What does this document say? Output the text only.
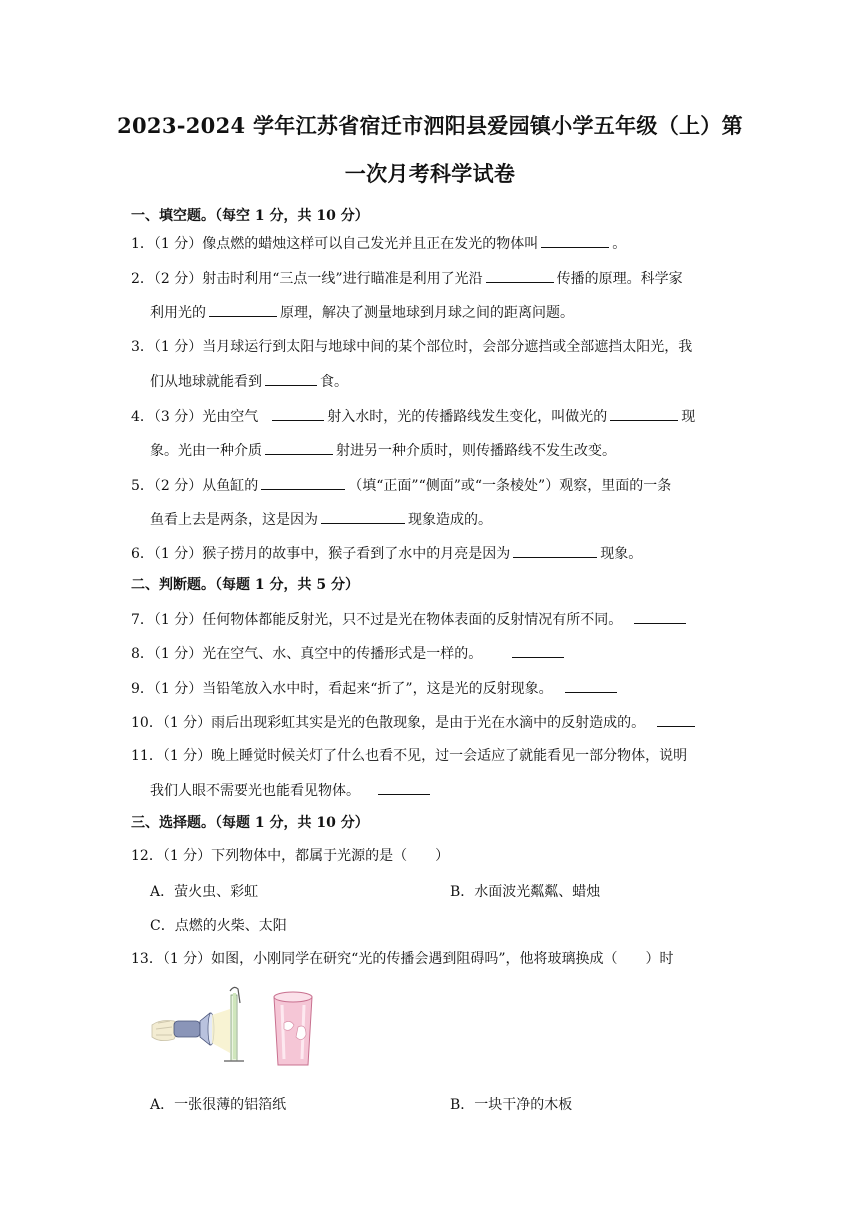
2023-2024 学年江苏省宿迁市泗阳县爱园镇小学五年级（上）第
一次月考科学试卷
一、填空题。（每空 1 分，共 10 分）
1．（1 分）像点燃的蜡烛这样可以自己发光并且正在发光的物体叫	。
2．（2 分）射击时利用“三点一线”进行瞄准是利用了光沿	传播的原理。科学家
利用光的	原理，解决了测量地球到月球之间的距离问题。
3．（1 分）当月球运行到太阳与地球中间的某个部位时，会部分遮挡或全部遮挡太阳光，我
们从地球就能看到	食。
4．（3 分）光由空气	射入水时，光的传播路线发生变化，叫做光的	现
象。光由一种介质	射进另一种介质时，则传播路线不发生改变。
5．（2 分）从鱼缸的	（填“正面”“侧面”或“一条棱处”）观察，里面的一条
鱼看上去是两条，这是因为	现象造成的。
6．（1 分）猴子捞月的故事中，猴子看到了水中的月亮是因为	现象。
二、判断题。（每题 1 分，共 5 分）
7．（1 分）任何物体都能反射光，只不过是光在物体表面的反射情况有所不同。
8．（1 分）光在空气、水、真空中的传播形式是一样的。
9．（1 分）当铅笔放入水中时，看起来“折了”，这是光的反射现象。
10．（1 分）雨后出现彩虹其实是光的色散现象，是由于光在水滴中的反射造成的。
11．（1 分）晚上睡觉时候关灯了什么也看不见，过一会适应了就能看见一部分物体，说明
我们人眼不需要光也能看见物体。
三、选择题。（每题 1 分，共 10 分）
12．（1 分）下列物体中，都属于光源的是（　　）
A．萤火虫、彩虹	B．水面波光粼粼、蜡烛
C．点燃的火柴、太阳
13．（1 分）如图，小刚同学在研究“光的传播会遇到阻碍吗”，他将玻璃换成（　　）时
A．一张很薄的铝箔纸	B．一块干净的木板
